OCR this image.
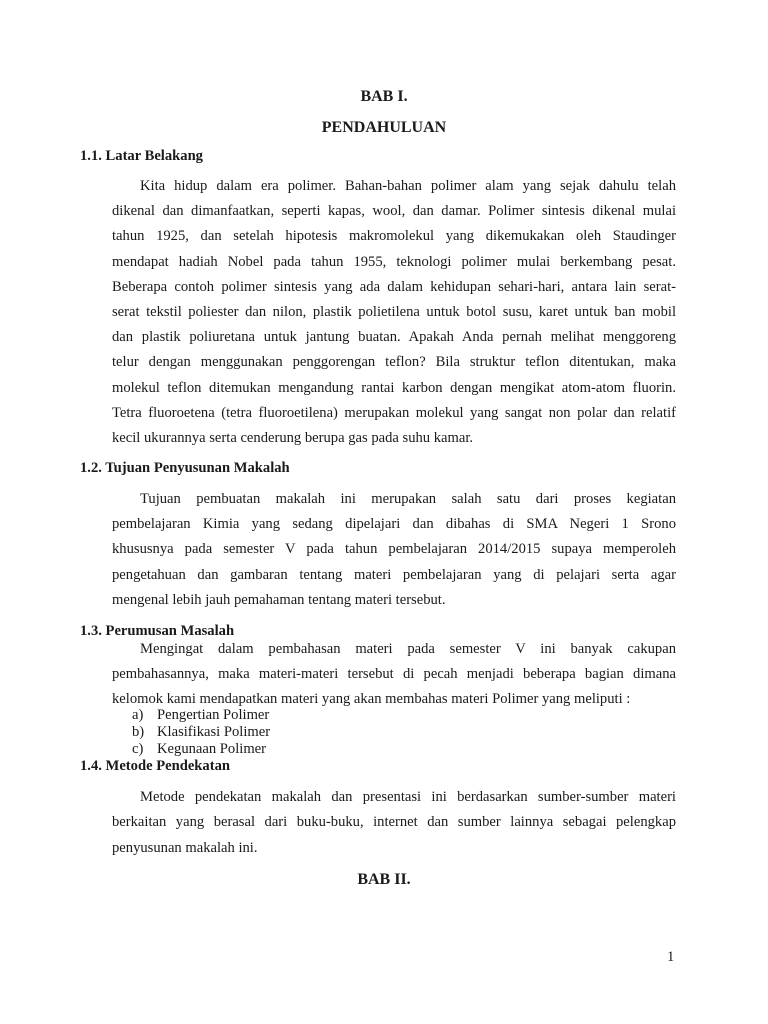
BAB I.
PENDAHULUAN
1.1. Latar Belakang
Kita hidup dalam era polimer. Bahan-bahan polimer alam yang sejak dahulu telah
dikenal dan dimanfaatkan, seperti kapas, wool, dan damar. Polimer sintesis dikenal mulai
tahun 1925, dan setelah hipotesis makromolekul yang dikemukakan oleh Staudinger
mendapat hadiah Nobel pada tahun 1955, teknologi polimer mulai berkembang pesat.
Beberapa contoh polimer sintesis yang ada dalam kehidupan sehari-hari, antara lain serat-
serat tekstil poliester dan nilon, plastik polietilena untuk botol susu, karet untuk ban mobil
dan plastik poliuretana untuk jantung buatan. Apakah Anda pernah melihat menggoreng
telur dengan menggunakan penggorengan teflon? Bila struktur teflon ditentukan, maka
molekul teflon ditemukan mengandung rantai karbon dengan mengikat atom-atom fluorin.
Tetra fluoroetena (tetra fluoroetilena) merupakan molekul yang sangat non polar dan relatif
kecil ukurannya serta cenderung berupa gas pada suhu kamar.
1.2. Tujuan Penyusunan Makalah
Tujuan pembuatan makalah ini merupakan salah satu dari proses kegiatan
pembelajaran Kimia yang sedang dipelajari dan dibahas di SMA Negeri 1 Srono
khususnya pada semester V pada tahun pembelajaran 2014/2015 supaya memperoleh
pengetahuan dan gambaran tentang materi pembelajaran yang di pelajari serta agar
mengenal lebih jauh pemahaman tentang materi tersebut.
1.3. Perumusan Masalah
Mengingat dalam pembahasan materi pada semester V ini banyak cakupan
pembahasannya, maka materi-materi tersebut di pecah menjadi beberapa bagian dimana
kelomok kami mendapatkan materi yang akan membahas materi Polimer yang meliputi :
a) Pengertian Polimer
b) Klasifikasi Polimer
c) Kegunaan Polimer
1.4. Metode Pendekatan
Metode pendekatan makalah dan presentasi ini berdasarkan sumber-sumber materi
berkaitan yang berasal dari buku-buku, internet dan sumber lainnya sebagai pelengkap
penyusunan makalah ini.
BAB II.
1
